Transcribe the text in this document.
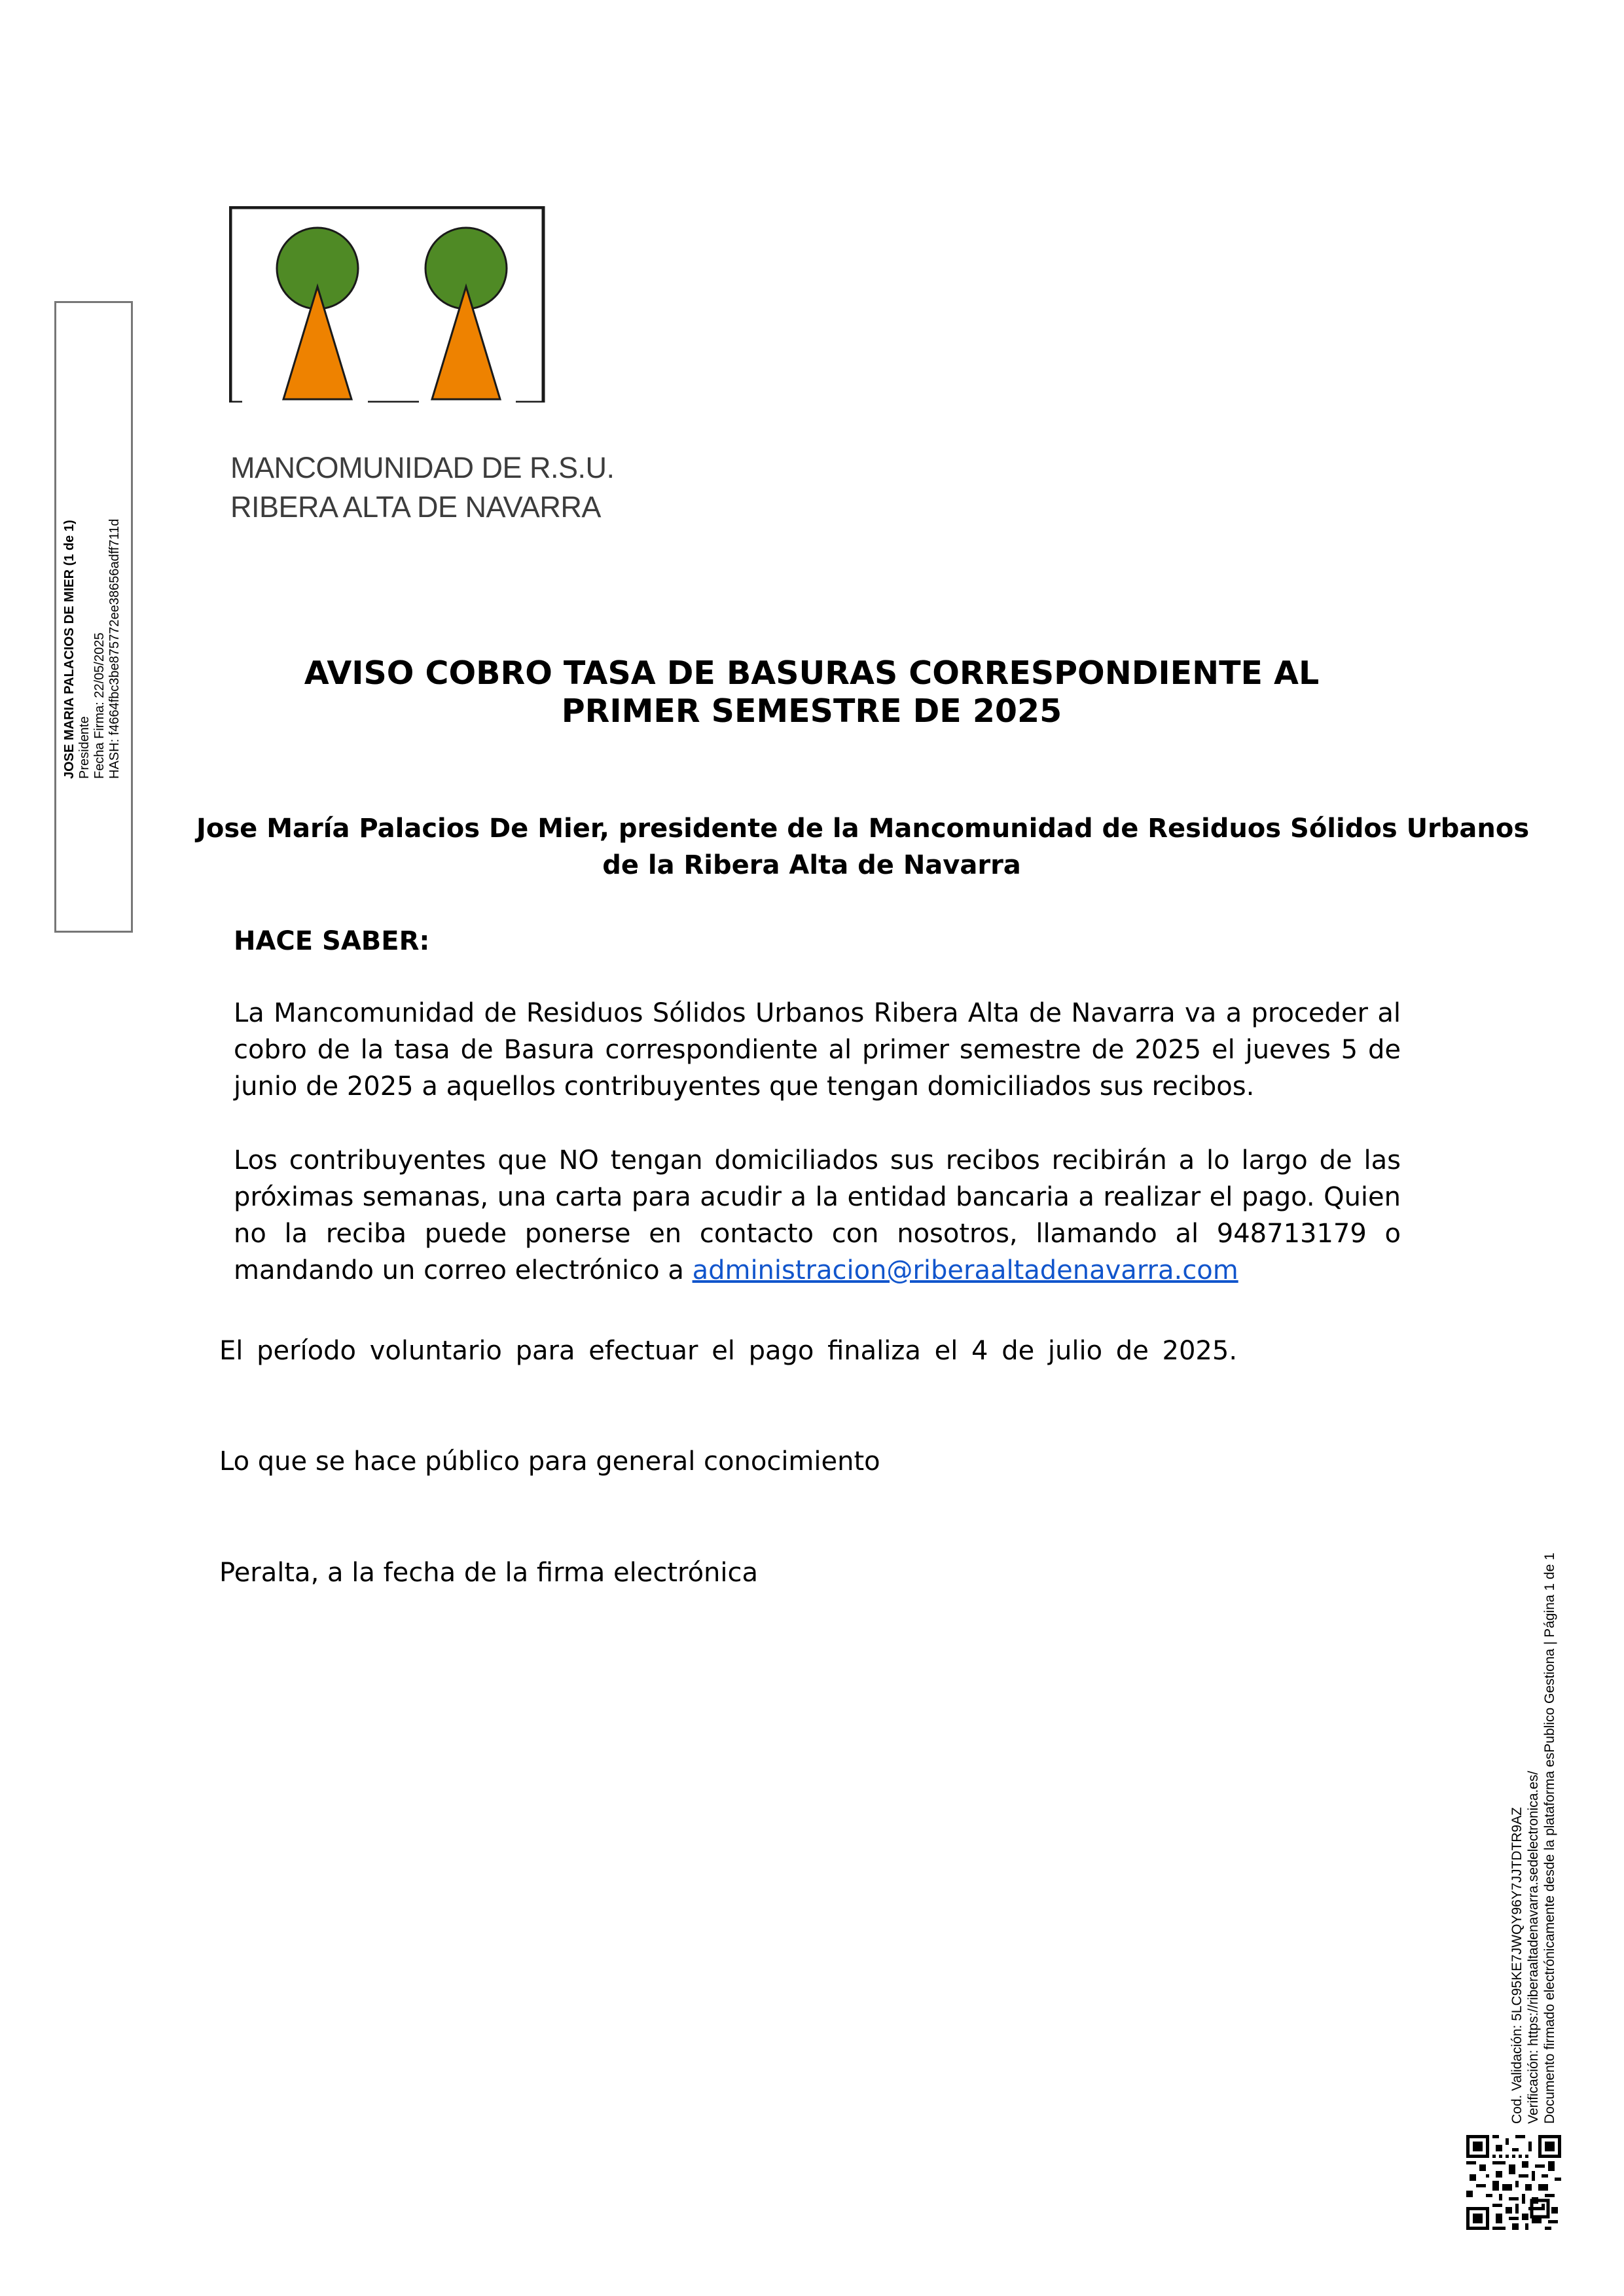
JOSE MARIA PALACIOS DE MIER (1 de 1) Presidente Fecha Firma: 22/05/2025 HASH: f4664fbc3be875772ee38656adff711d
MANCOMUNIDAD DE R.S.U.
RIBERA ALTA DE NAVARRA
AVISO COBRO TASA DE BASURAS CORRESPONDIENTE AL
PRIMER SEMESTRE DE 2025
Jose María Palacios De Mier, presidente de la Mancomunidad de Residuos Sólidos Urbanos
de la Ribera Alta de Navarra
HACE SABER:
La Mancomunidad de Residuos Sólidos Urbanos Ribera Alta de Navarra va a proceder al cobro de la tasa de Basura correspondiente al primer semestre de 2025 el jueves 5 de junio de 2025 a aquellos contribuyentes que tengan domiciliados sus recibos.
Los contribuyentes que NO tengan domiciliados sus recibos recibirán a lo largo de las próximas semanas, una carta para acudir a la entidad bancaria a realizar el pago. Quien no la reciba puede ponerse en contacto con nosotros, llamando al 948713179 o mandando un correo electrónico a administracion@riberaaltadenavarra.com
El período voluntario para efectuar el pago finaliza el 4 de julio de 2025.
Lo que se hace público para general conocimiento
Peralta, a la fecha de la firma electrónica
Cod. Validación: 5LC95KE7JWQY96Y7JJTDTR9AZ Verificación: https://riberaaltadenavarra.sedelectronica.es/ Documento firmado electrónicamente desde la plataforma esPublico Gestiona | Página 1 de 1
